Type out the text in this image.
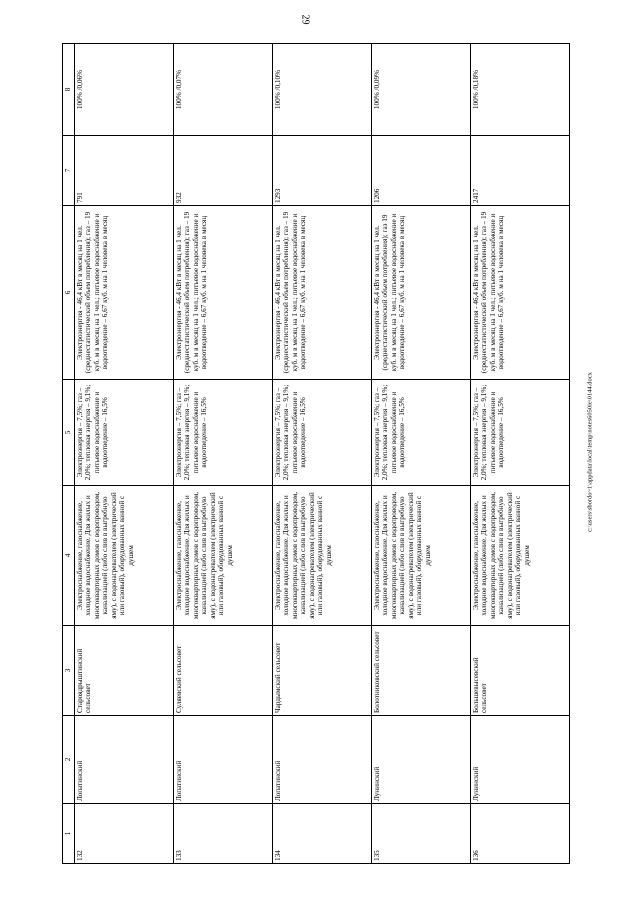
29
c:\users\sbordo~1\appdata\local\temp\notes6050ie\0144.docx
1	2	3	4	5	6	7	8
132	Лопатинский	Староядрыштинский сельсовет	Электроснабжение, газоснабжение, холодное водоснабжение. Для жилых и многоквартирных домов с водопроводом, канализацией (либо слив в выгребную яму), с водонагревателем (электрический или газовый), оборудованных ванной с душем	Электроэнергия – 7,5%; газ – 2,0%; тепловая энергия – 9,1%; питьевое водоснабжение и водоотведение – 16,5%	Электроэнергия - 46,4 кВт в месяц на 1 чел. (среднестатистический объем потребления); газ – 19 куб. м в месяц на 1 чел.; питьевое водоснабжение и водоотведение – 6,67 куб. м на 1 человека в месяц	791	100% /0,06%
133	Лопатинский	Суляевский сельсовет	Электроснабжение, газоснабжение, холодное водоснабжение. Для жилых и многоквартирных домов с водопроводом, канализацией (либо слив в выгребную яму), с водонагревателем (электрический или газовый), оборудованных ванной с душем	Электроэнергия – 7,5%; газ – 2,0%; тепловая энергия – 9,1%; питьевое водоснабжение и водоотведение – 16,5%	Электроэнергия - 46,4 кВт в месяц на 1 чел. (среднестатистический объем потребления); газ – 19 куб. м в месяц на 1 чел.; питьевое водоснабжение и водоотведение – 6,67 куб. м на 1 человека в месяц	932	100% /0,07%
134	Лопатинский	Чардымский сельсовет	Электроснабжение, газоснабжение, холодное водоснабжение. Для жилых и многоквартирных домов с водопроводом, канализацией (либо слив в выгребную яму), с водонагревателем (электрический или газовый), оборудованных ванной с душем	Электроэнергия – 7,5%; газ – 2,0%; тепловая энергия – 9,1%; питьевое водоснабжение и водоотведение – 16,5%	Электроэнергия - 46,4 кВт в месяц на 1 чел. (среднестатистический объем потребления); газ – 19 куб. м в месяц на 1 чел.; питьевое водоснабжение и водоотведение – 6,67 куб. м на 1 человека в месяц	1293	100% /0,10%
135	Лунинский	Болотниковский сельсовет	Электроснабжение, газоснабжение, холодное водоснабжение. Для жилых и многоквартирных домов с водопроводом, канализацией (либо слив в выгребную яму), с водонагревателем (электрический или газовый), оборудованных ванной с душем	Электроэнергия – 7,5%; газ – 2,0%; тепловая энергия – 9,1%; питьевое водоснабжение и водоотведение – 16,5%	Электроэнергия - 46,4 кВт в месяц на 1 чел. (среднестатистический объем потребления); газ 19 куб. м в месяц на 1 чел.; питьевое водоснабжение и водоотведение – 6,67 куб. м на 1 человека в месяц	1206	100% /0,09%
136	Лунинский	Большевысевский сельсовет	Электроснабжение, газоснабжение, холодное водоснабжение. Для жилых и многоквартирных домов с водопроводом, канализацией (либо слив в выгребную яму), с водонагревателем (электрический или газовый), оборудованных ванной с душем	Электроэнергия – 7,5%; газ – 2,0%; тепловая энергия – 9,1%; питьевое водоснабжение и водоотведение – 16,5%	Электроэнергия - 46,4 кВт в месяц на 1 чел. (среднестатистический объем потребления); газ – 19 куб. м в месяц на 1 чел.; питьевое водоснабжение и водоотведение – 6,67 куб. м на 1 человека в месяц	2417	100% /0,18%
